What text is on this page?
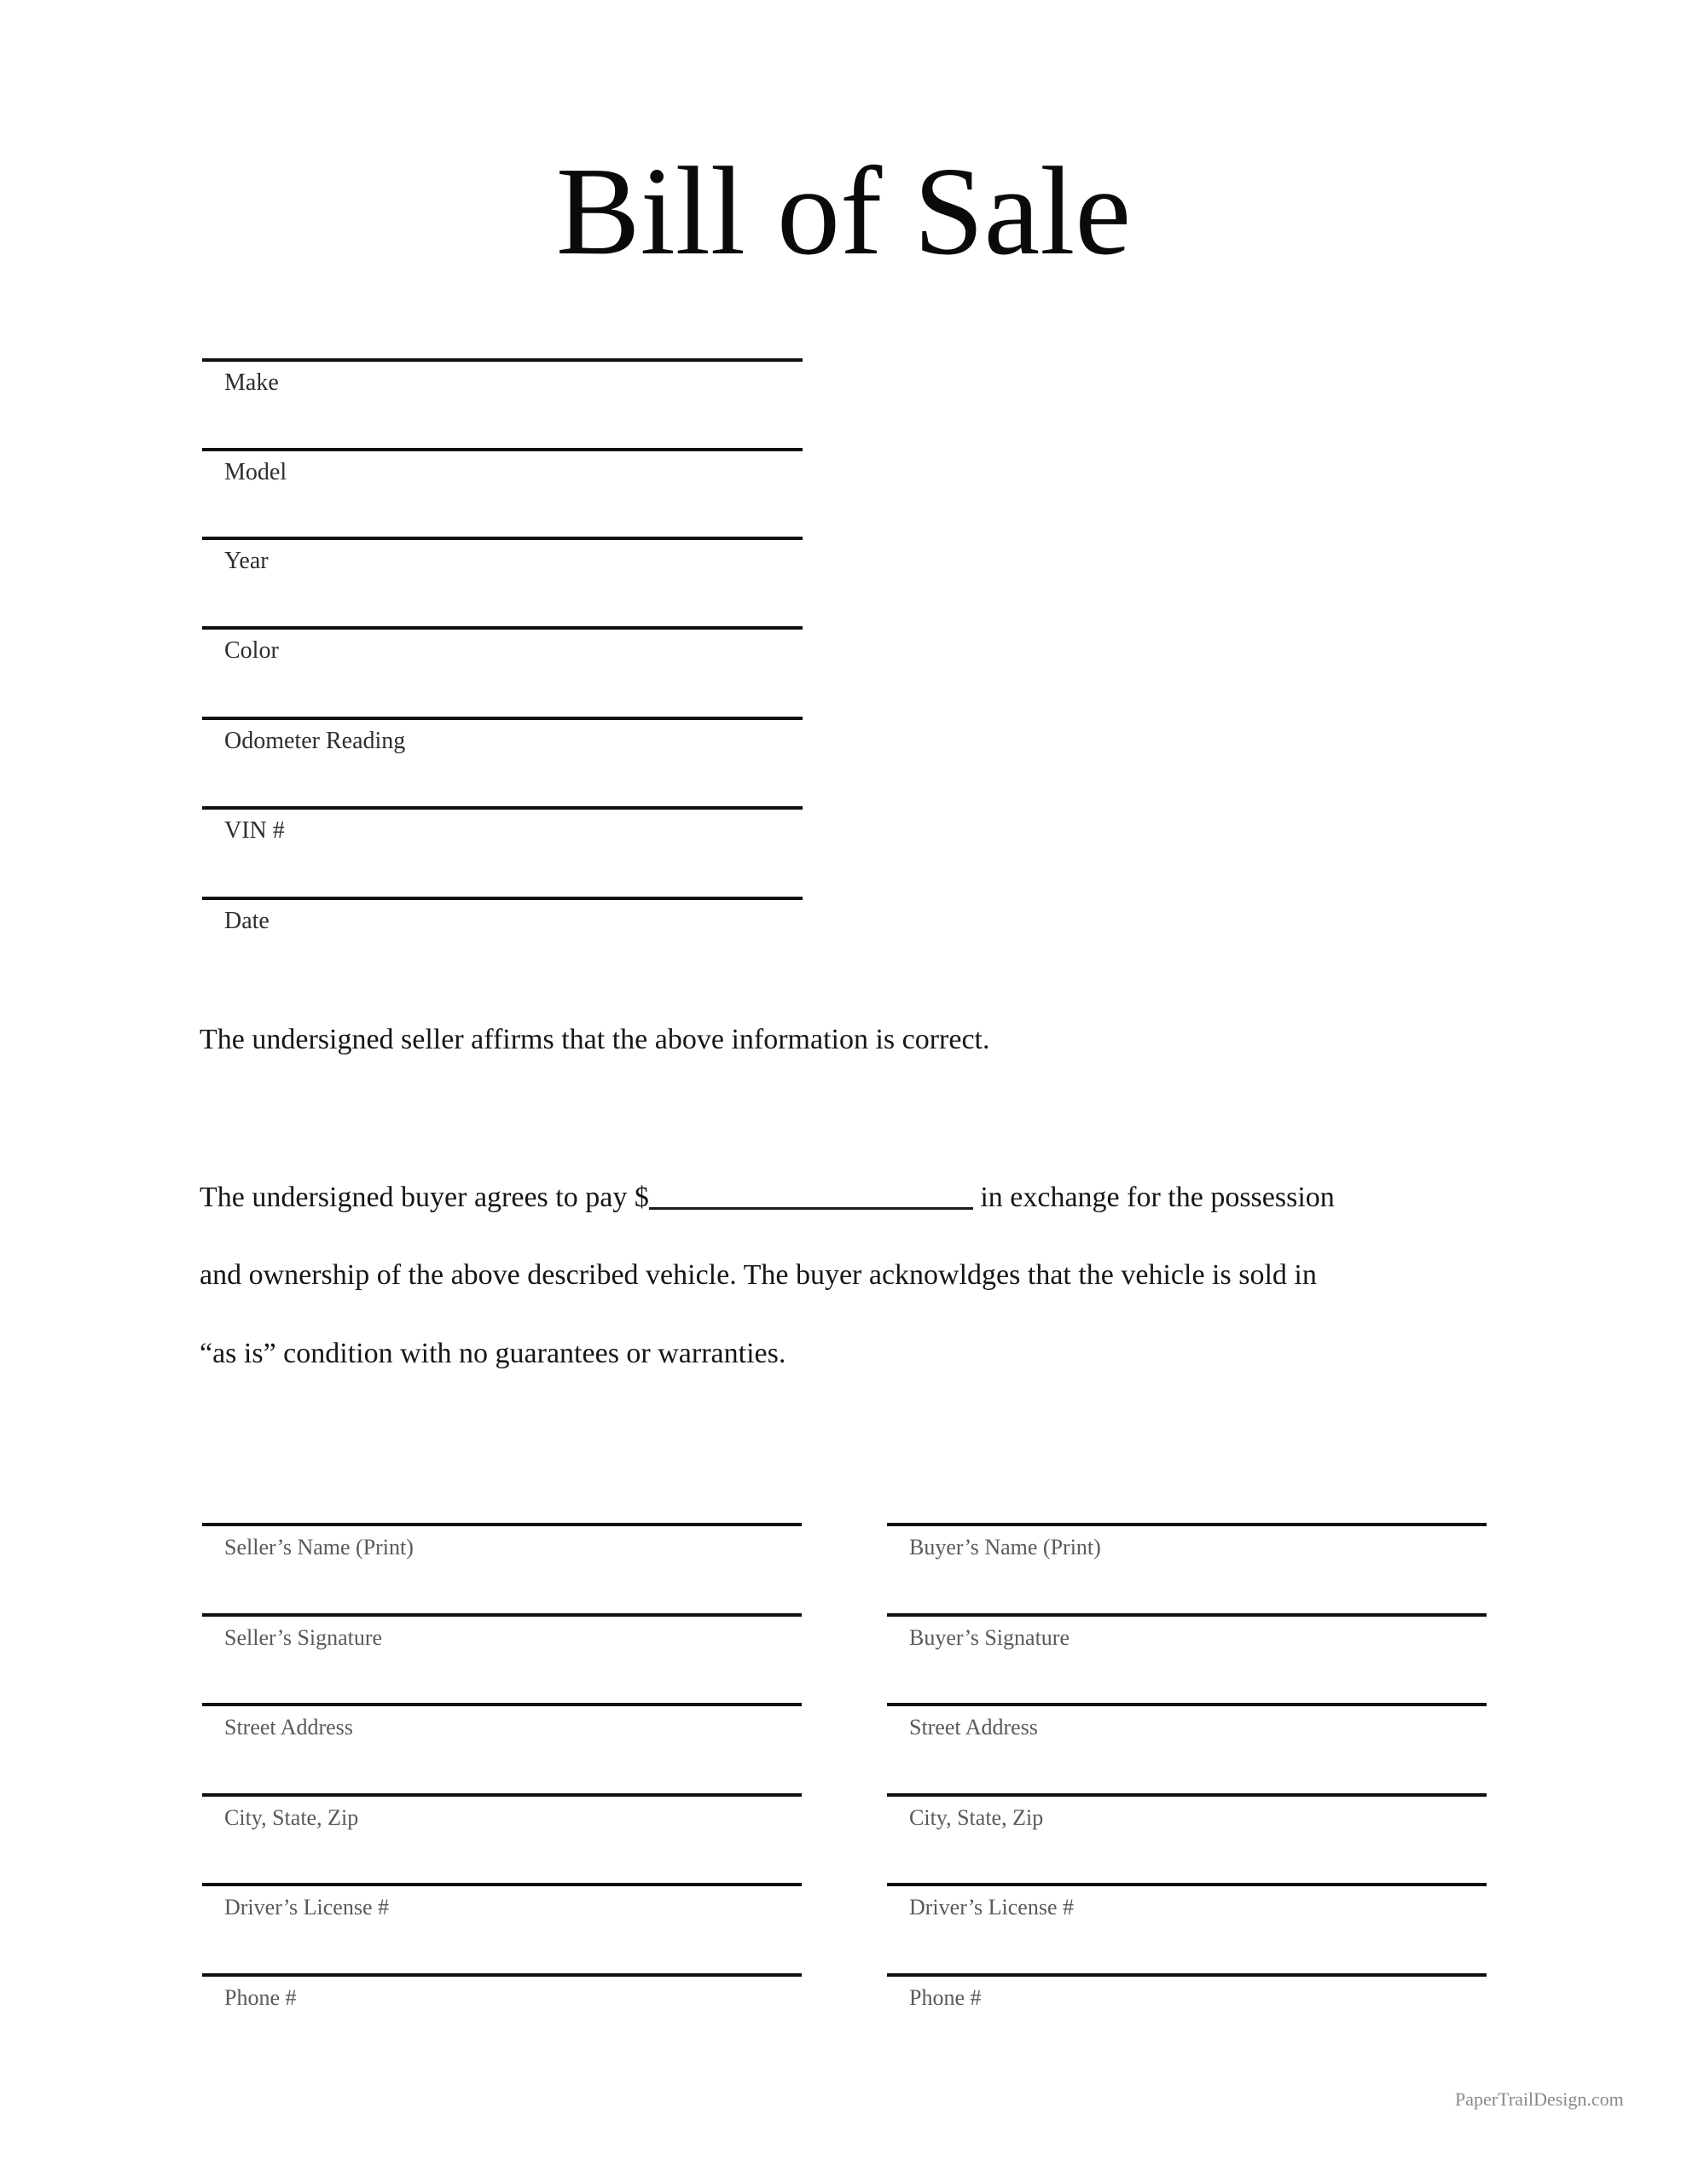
Bill of Sale
Make
Model
Year
Color
Odometer Reading
VIN #
Date
The undersigned seller affirms that the above information is correct.
The undersigned buyer agrees to pay $	in exchange for the possession
and ownership of the above described vehicle. The buyer acknowldges that the vehicle is sold in
“as is” condition with no guarantees or warranties.
Seller’s Name (Print)
Seller’s Signature
Street Address
City, State, Zip
Driver’s License #
Phone #
Buyer’s Name (Print)
Buyer’s Signature
Street Address
City, State, Zip
Driver’s License #
Phone #
PaperTrailDesign.com
